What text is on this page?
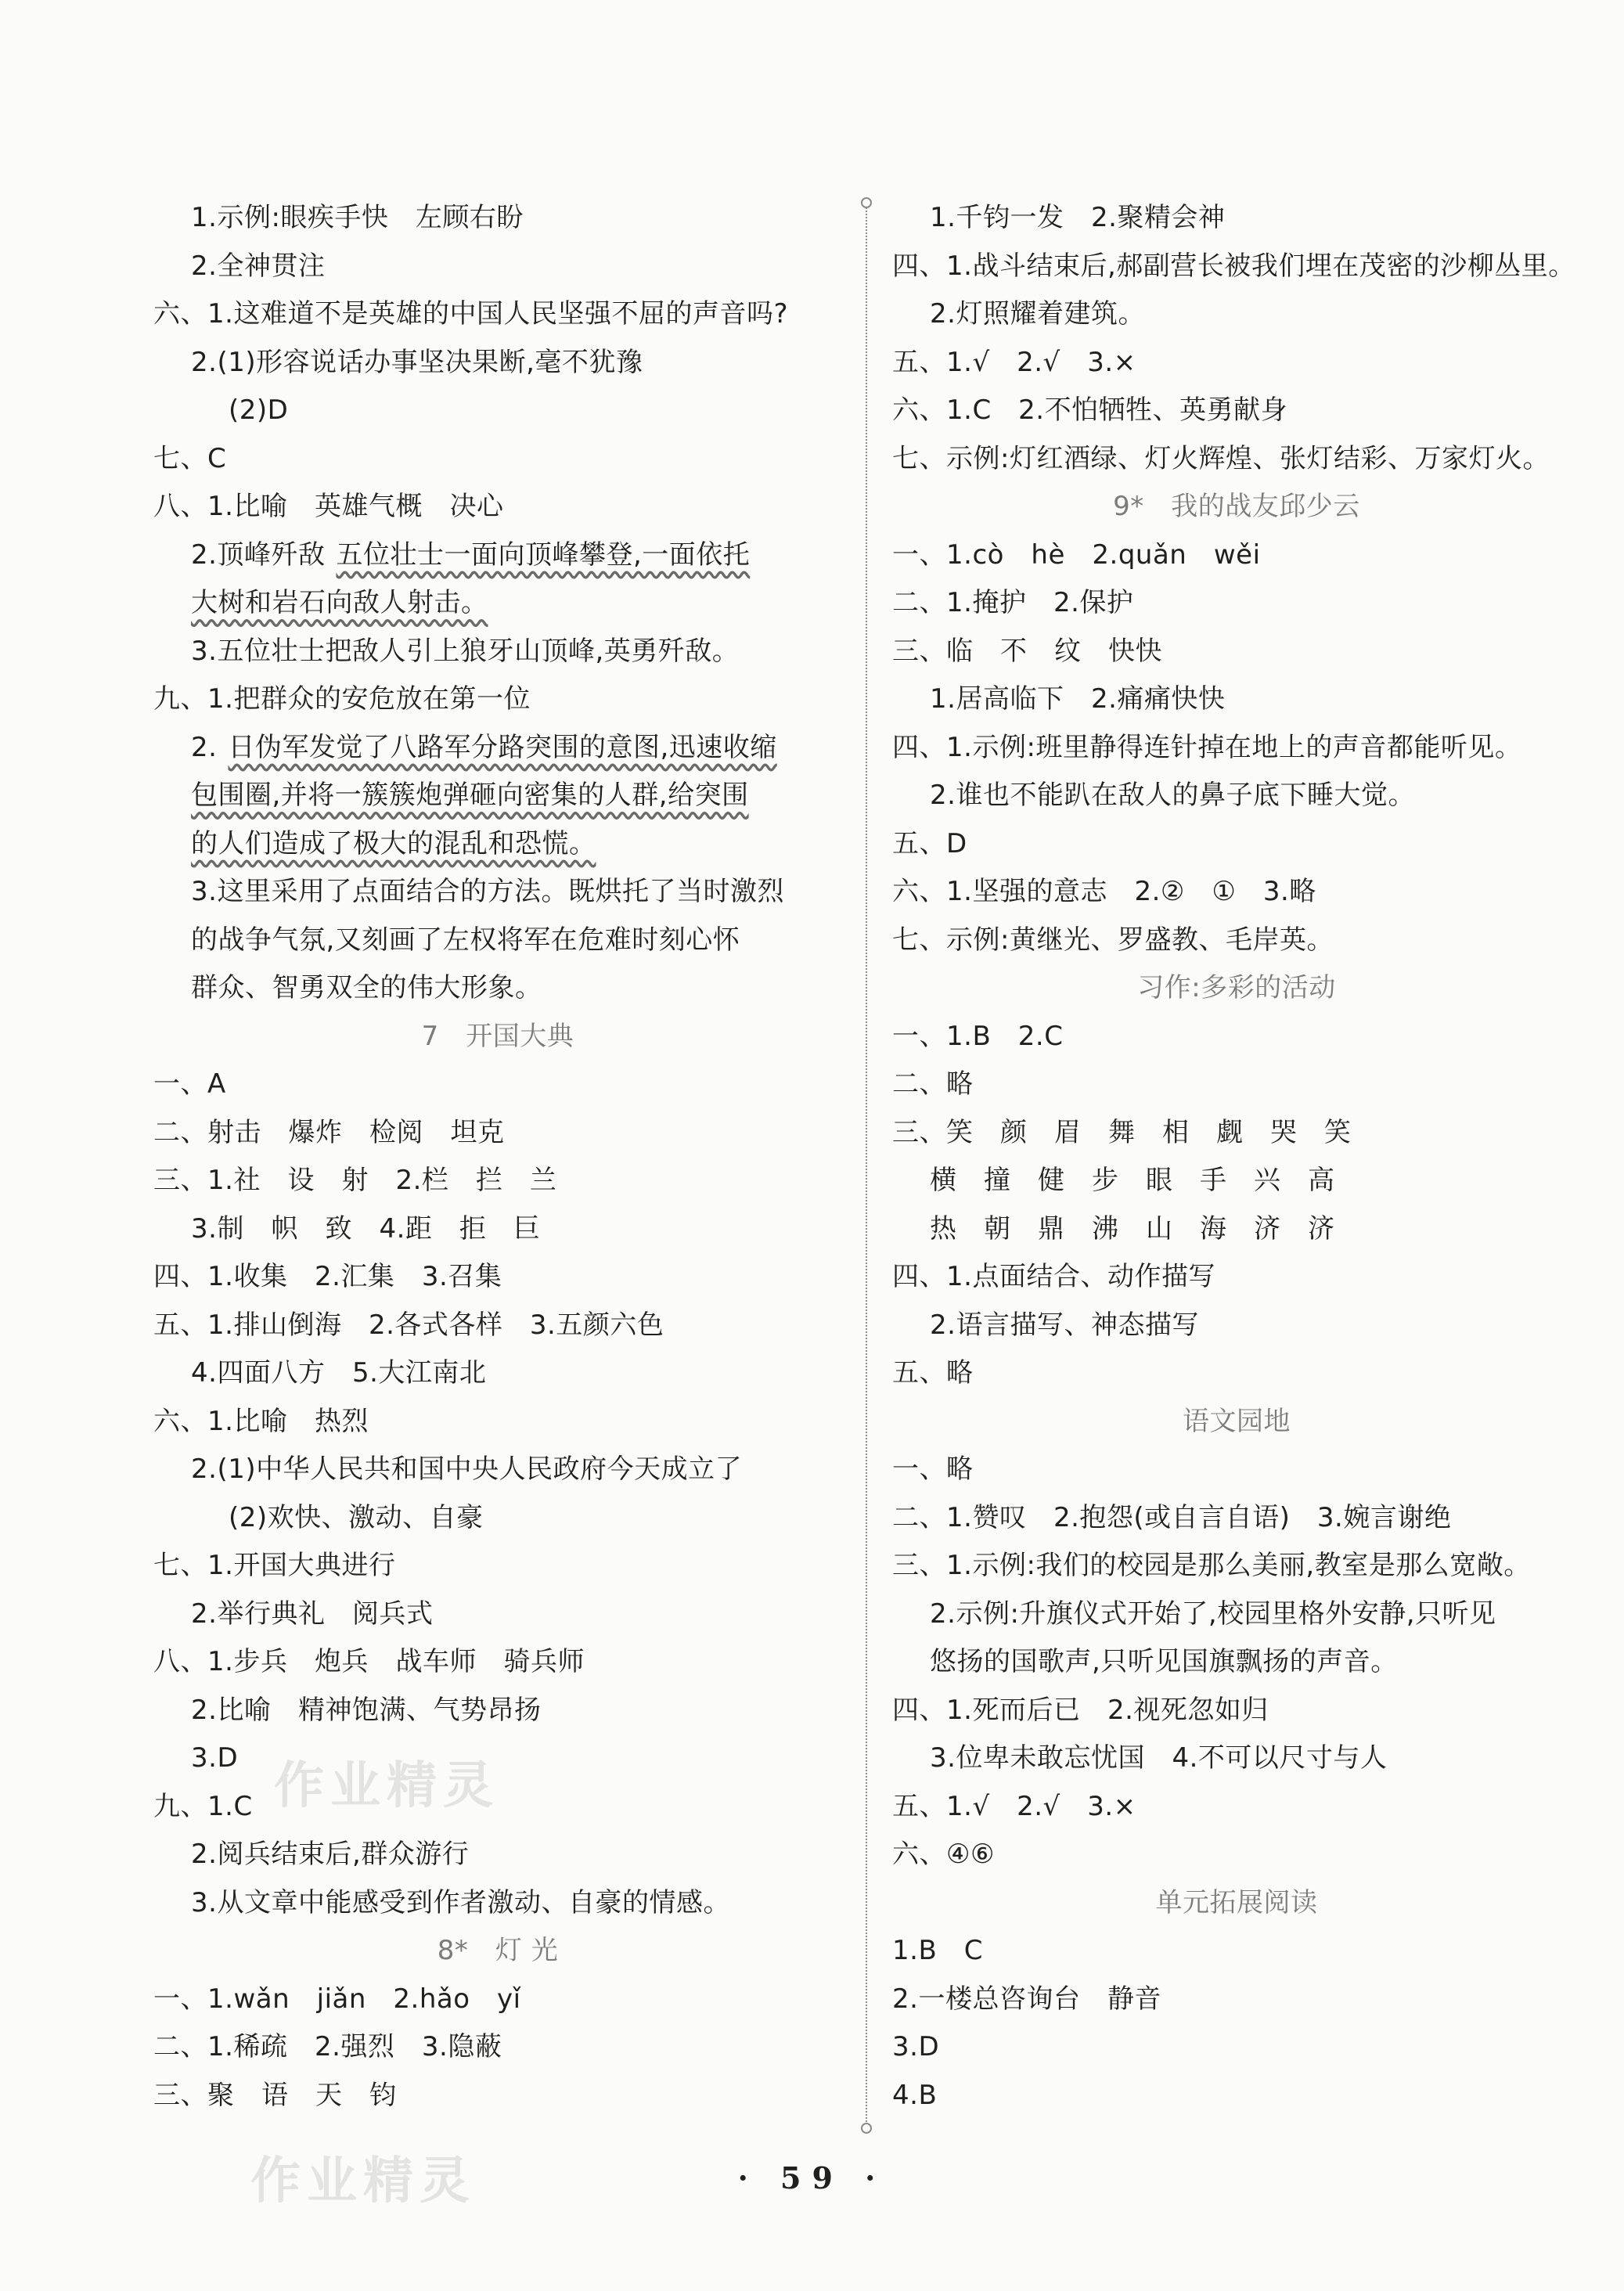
1.示例:眼疾手快　左顾右盼
2.全神贯注
六、1.这难道不是英雄的中国人民坚强不屈的声音吗?
2.(1)形容说话办事坚决果断,毫不犹豫
(2)D
七、C
八、1.比喻　英雄气概　决心
2.顶峰歼敌 五位壮士一面向顶峰攀登,一面依托
大树和岩石向敌人射击。
3.五位壮士把敌人引上狼牙山顶峰,英勇歼敌。
九、1.把群众的安危放在第一位
2. 日伪军发觉了八路军分路突围的意图,迅速收缩
包围圈,并将一簇簇炮弹砸向密集的人群,给突围
的人们造成了极大的混乱和恐慌。
3.这里采用了点面结合的方法。既烘托了当时激烈
的战争气氛,又刻画了左权将军在危难时刻心怀
群众、智勇双全的伟大形象。
7　开国大典
一、A
二、射击　爆炸　检阅　坦克
三、1.社　设　射　2.栏　拦　兰
3.制　帜　致　4.距　拒　巨
四、1.收集　2.汇集　3.召集
五、1.排山倒海　2.各式各样　3.五颜六色
4.四面八方　5.大江南北
六、1.比喻　热烈
2.(1)中华人民共和国中央人民政府今天成立了
(2)欢快、激动、自豪
七、1.开国大典进行
2.举行典礼　阅兵式
八、1.步兵　炮兵　战车师　骑兵师
2.比喻　精神饱满、气势昂扬
3.D
九、1.C
2.阅兵结束后,群众游行
3.从文章中能感受到作者激动、自豪的情感。
8*　灯 光
一、1.wǎn　jiǎn　2.hǎo　yǐ
二、1.稀疏　2.强烈　3.隐蔽
三、聚　语　天　钧
1.千钧一发　2.聚精会神
四、1.战斗结束后,郝副营长被我们埋在茂密的沙柳丛里。
2.灯照耀着建筑。
五、1.√　2.√　3.×
六、1.C　2.不怕牺牲、英勇献身
七、示例:灯红酒绿、灯火辉煌、张灯结彩、万家灯火。
9*　我的战友邱少云
一、1.cò　hè　2.quǎn　wěi
二、1.掩护　2.保护
三、临　不　纹　快快
1.居高临下　2.痛痛快快
四、1.示例:班里静得连针掉在地上的声音都能听见。
2.谁也不能趴在敌人的鼻子底下睡大觉。
五、D
六、1.坚强的意志　2.②　①　3.略
七、示例:黄继光、罗盛教、毛岸英。
习作:多彩的活动
一、1.B　2.C
二、略
三、笑　颜　眉　舞　相　觑　哭　笑
横　撞　健　步　眼　手　兴　高
热　朝　鼎　沸　山　海　济　济
四、1.点面结合、动作描写
2.语言描写、神态描写
五、略
语文园地
一、略
二、1.赞叹　2.抱怨(或自言自语)　3.婉言谢绝
三、1.示例:我们的校园是那么美丽,教室是那么宽敞。
2.示例:升旗仪式开始了,校园里格外安静,只听见
悠扬的国歌声,只听见国旗飘扬的声音。
四、1.死而后已　2.视死忽如归
3.位卑未敢忘忧国　4.不可以尺寸与人
五、1.√　2.√　3.×
六、④⑥
单元拓展阅读
1.B　C
2.一楼总咨询台　静音
3.D
4.B
作业精灵
作业精灵	· 59 ·
